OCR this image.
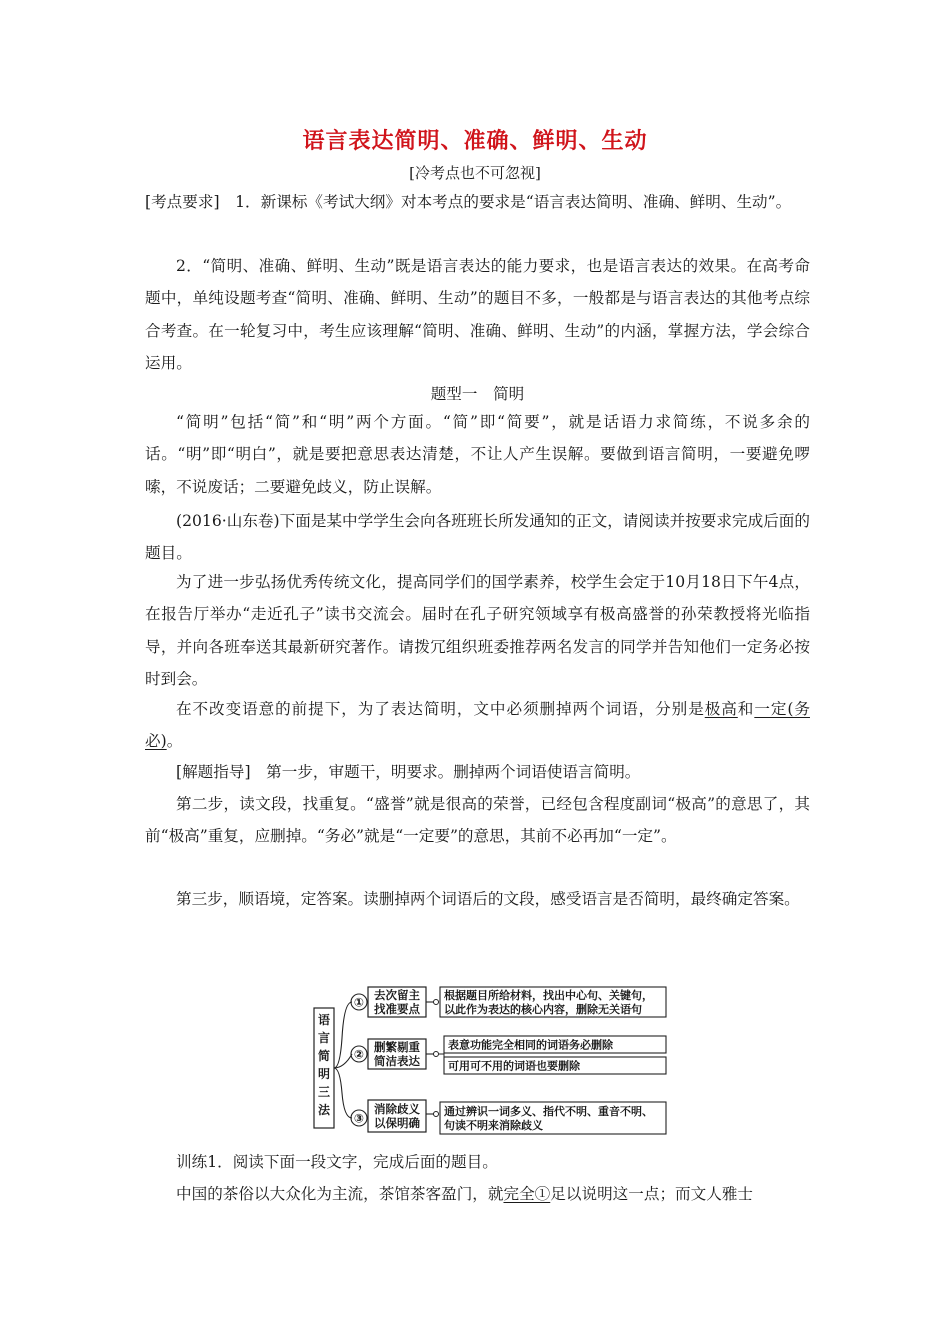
语言表达简明、准确、鲜明、生动
[冷考点也不可忽视]

[考点要求]　1．新课标《考试大纲》对本考点的要求是“语言表达简明、准确、鲜明、生动”。

2．“简明、准确、鲜明、生动”既是语言表达的能力要求，也是语言表达的效果。在高考命题中，单纯设题考查“简明、准确、鲜明、生动”的题目不多，一般都是与语言表达的其他考点综合考查。在一轮复习中，考生应该理解“简明、准确、鲜明、生动”的内涵，掌握方法，学会综合运用。

题型一　简明

“简明”包括“简”和“明”两个方面。“简”即“简要”，就是话语力求简练，不说多余的话。“明”即“明白”，就是要把意思表达清楚，不让人产生误解。要做到语言简明，一要避免啰嗦，不说废话；二要避免歧义，防止误解。

(2016·山东卷)下面是某中学学生会向各班班长所发通知的正文，请阅读并按要求完成后面的题目。

为了进一步弘扬优秀传统文化，提高同学们的国学素养，校学生会定于10月18日下午4点，在报告厅举办“走近孔子”读书交流会。届时在孔子研究领域享有极高盛誉的孙荣教授将光临指导，并向各班奉送其最新研究著作。请拨冗组织班委推荐两名发言的同学并告知他们一定务必按时到会。

在不改变语意的前提下，为了表达简明，文中必须删掉两个词语，分别是极高和一定(务必)。

[解题指导]　第一步，审题干，明要求。删掉两个词语使语言简明。

第二步，读文段，找重复。“盛誉”就是很高的荣誉，已经包含程度副词“极高”的意思了，其前“极高”重复，应删掉。“务必”就是“一定要”的意思，其前不必再加“一定”。

第三步，顺语境，定答案。读删掉两个词语后的文段，感受语言是否简明，最终确定答案。

语
言
简
明
三
法
①
去次留主
找准要点
根据题目所给材料，找出中心句、关键句，
以此作为表达的核心内容，删除无关语句
②
删繁剔重
简洁表达
表意功能完全相同的词语务必删除
可用可不用的词语也要删除
③
消除歧义
以保明确
通过辨识一词多义、指代不明、重音不明、
句读不明来消除歧义

训练1．阅读下面一段文字，完成后面的题目。

中国的茶俗以大众化为主流，茶馆茶客盈门，就完全①足以说明这一点；而文人雅士
